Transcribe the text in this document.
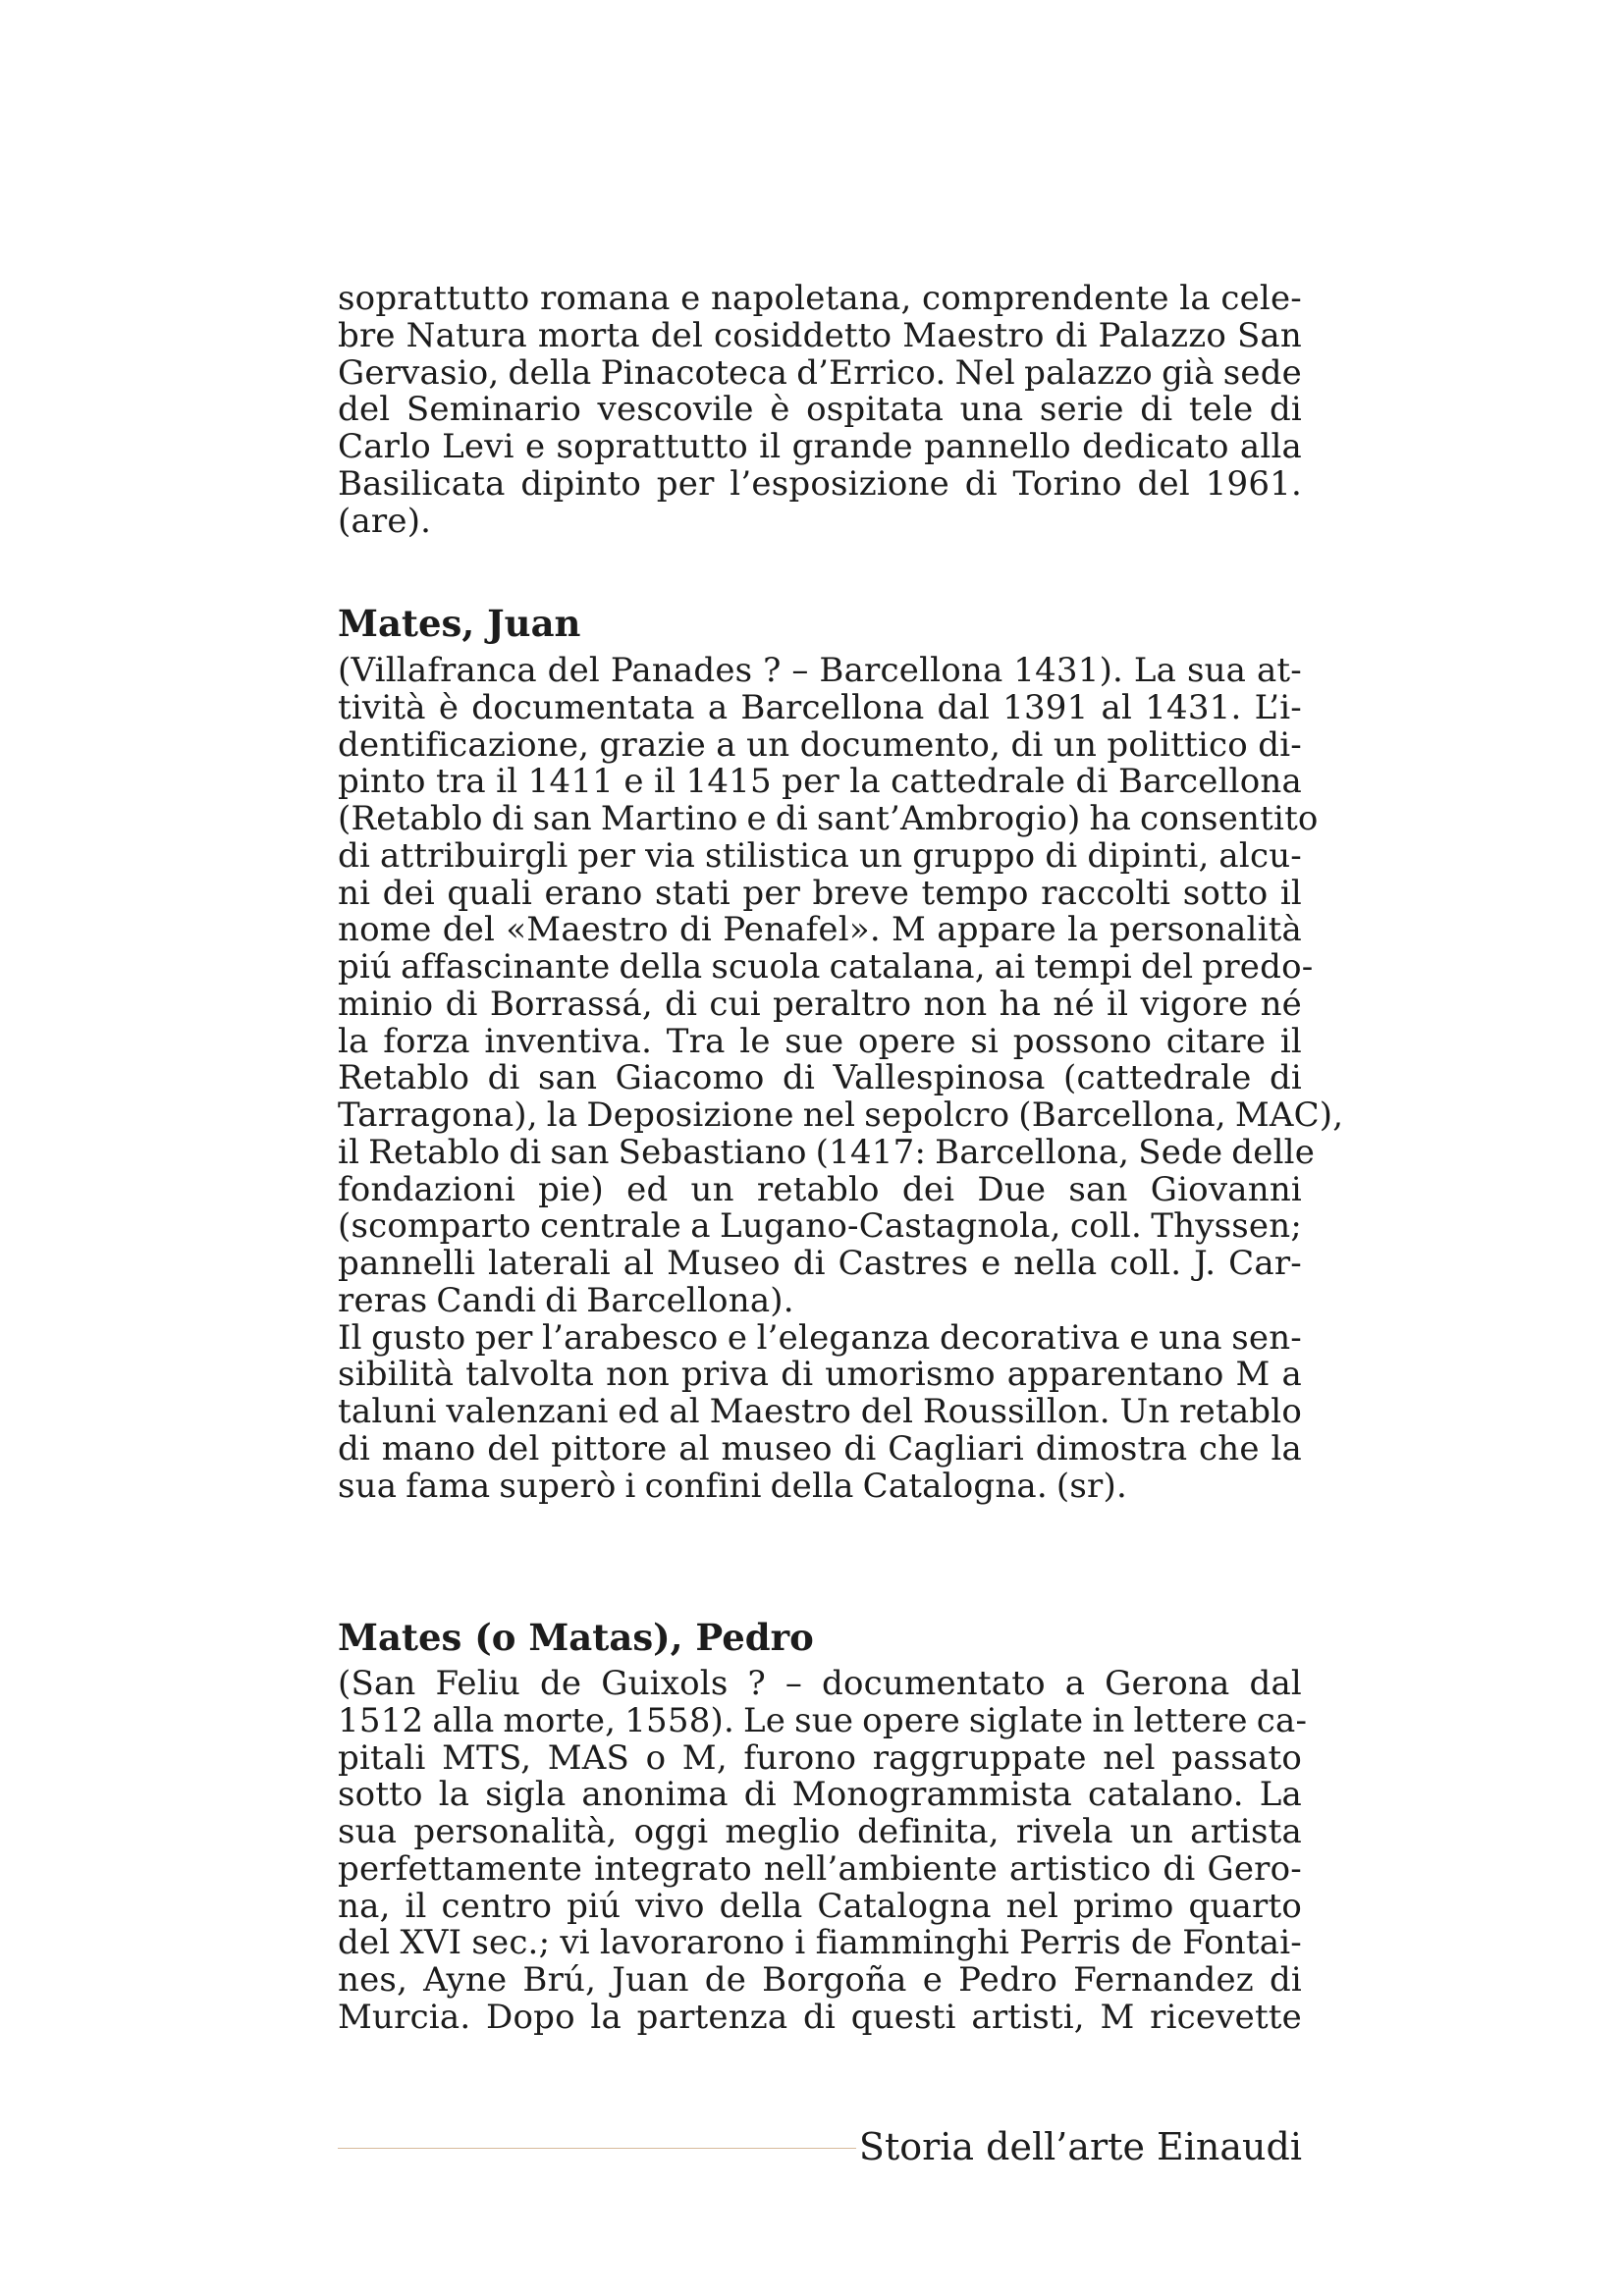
soprattutto romana e napoletana, comprendente la cele-
bre Natura morta del cosiddetto Maestro di Palazzo San
Gervasio, della Pinacoteca d’Errico. Nel palazzo già sede
del Seminario vescovile è ospitata una serie di tele di
Carlo Levi e soprattutto il grande pannello dedicato alla
Basilicata dipinto per l’esposizione di Torino del 1961.
(are).
Mates, Juan
(Villafranca del Panades ? – Barcellona 1431). La sua at-
tività è documentata a Barcellona dal 1391 al 1431. L’i-
dentificazione, grazie a un documento, di un polittico di-
pinto tra il 1411 e il 1415 per la cattedrale di Barcellona
(Retablo di san Martino e di sant’Ambrogio) ha consentito
di attribuirgli per via stilistica un gruppo di dipinti, alcu-
ni dei quali erano stati per breve tempo raccolti sotto il
nome del «Maestro di Penafel». M appare la personalità
piú affascinante della scuola catalana, ai tempi del predo-
minio di Borrassá, di cui peraltro non ha né il vigore né
la forza inventiva. Tra le sue opere si possono citare il
Retablo di san Giacomo di Vallespinosa (cattedrale di
Tarragona), la Deposizione nel sepolcro (Barcellona, MAC),
il Retablo di san Sebastiano (1417: Barcellona, Sede delle
fondazioni pie) ed un retablo dei Due san Giovanni
(scomparto centrale a Lugano-Castagnola, coll. Thyssen;
pannelli laterali al Museo di Castres e nella coll. J. Car-
reras Candi di Barcellona).
Il gusto per l’arabesco e l’eleganza decorativa e una sen-
sibilità talvolta non priva di umorismo apparentano M a
taluni valenzani ed al Maestro del Roussillon. Un retablo
di mano del pittore al museo di Cagliari dimostra che la
sua fama superò i confini della Catalogna. (sr).
Mates (o Matas), Pedro
(San Feliu de Guixols ? – documentato a Gerona dal
1512 alla morte, 1558). Le sue opere siglate in lettere ca-
pitali MTS, MAS o M, furono raggruppate nel passato
sotto la sigla anonima di Monogrammista catalano. La
sua personalità, oggi meglio definita, rivela un artista
perfettamente integrato nell’ambiente artistico di Gero-
na, il centro piú vivo della Catalogna nel primo quarto
del XVI sec.; vi lavorarono i fiamminghi Perris de Fontai-
nes, Ayne Brú, Juan de Borgoña e Pedro Fernandez di
Murcia. Dopo la partenza di questi artisti, M ricevette
Storia dell’arte Einaudi
